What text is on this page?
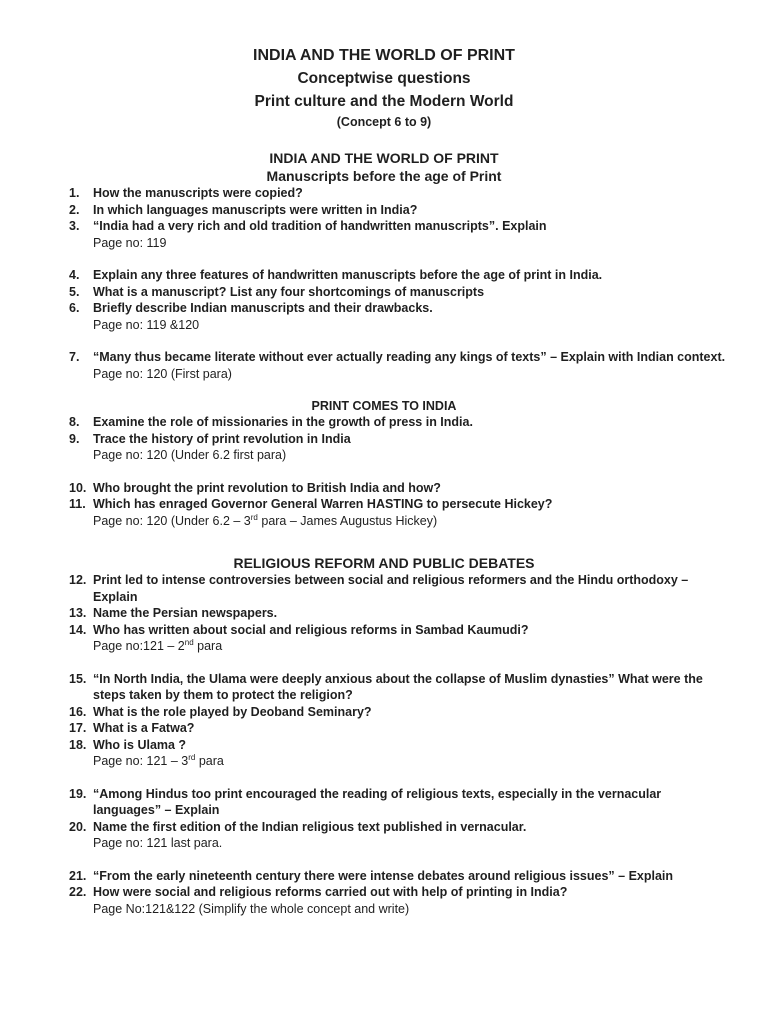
INDIA AND THE WORLD OF PRINT
Conceptwise questions
Print culture and the Modern World
(Concept 6 to 9)
INDIA AND THE WORLD OF PRINT
Manuscripts before the age of Print
1. How the manuscripts were copied?
2. In which languages manuscripts were written in India?
3. “India had a very rich and old tradition of handwritten manuscripts”. Explain
Page no: 119
4. Explain any three features of handwritten manuscripts before the age of print in India.
5. What is a manuscript? List any four shortcomings of manuscripts
6. Briefly describe Indian manuscripts and their drawbacks.
Page no: 119 &120
7. “Many thus became literate without ever actually reading any kings of texts” – Explain with Indian context.
Page no: 120 (First para)
PRINT COMES TO INDIA
8. Examine the role of missionaries in the growth of press in India.
9. Trace the history of print revolution in India
Page no: 120 (Under 6.2 first para)
10. Who brought the print revolution to British India and how?
11. Which has enraged Governor General Warren HASTING to persecute Hickey?
Page no: 120 (Under 6.2 – 3rd para – James Augustus Hickey)
RELIGIOUS REFORM AND PUBLIC DEBATES
12. Print led to intense controversies between social and religious reformers and the Hindu orthodoxy – Explain
13. Name the Persian newspapers.
14. Who has written about social and religious reforms in Sambad Kaumudi?
Page no:121 – 2nd para
15. “In North India, the Ulama were deeply anxious about the collapse of Muslim dynasties” What were the steps taken by them to protect the religion?
16. What is the role played by Deoband Seminary?
17. What is a Fatwa?
18. Who is Ulama ?
Page no: 121 – 3rd para
19. “Among Hindus too print encouraged the reading of religious texts, especially in the vernacular languages” – Explain
20. Name the first edition of the Indian religious text published in vernacular.
Page no: 121 last para.
21. “From the early nineteenth century there were intense debates around religious issues” – Explain
22. How were social and religious reforms carried out with help of printing in India?
Page No:121&122 (Simplify the whole concept and write)
